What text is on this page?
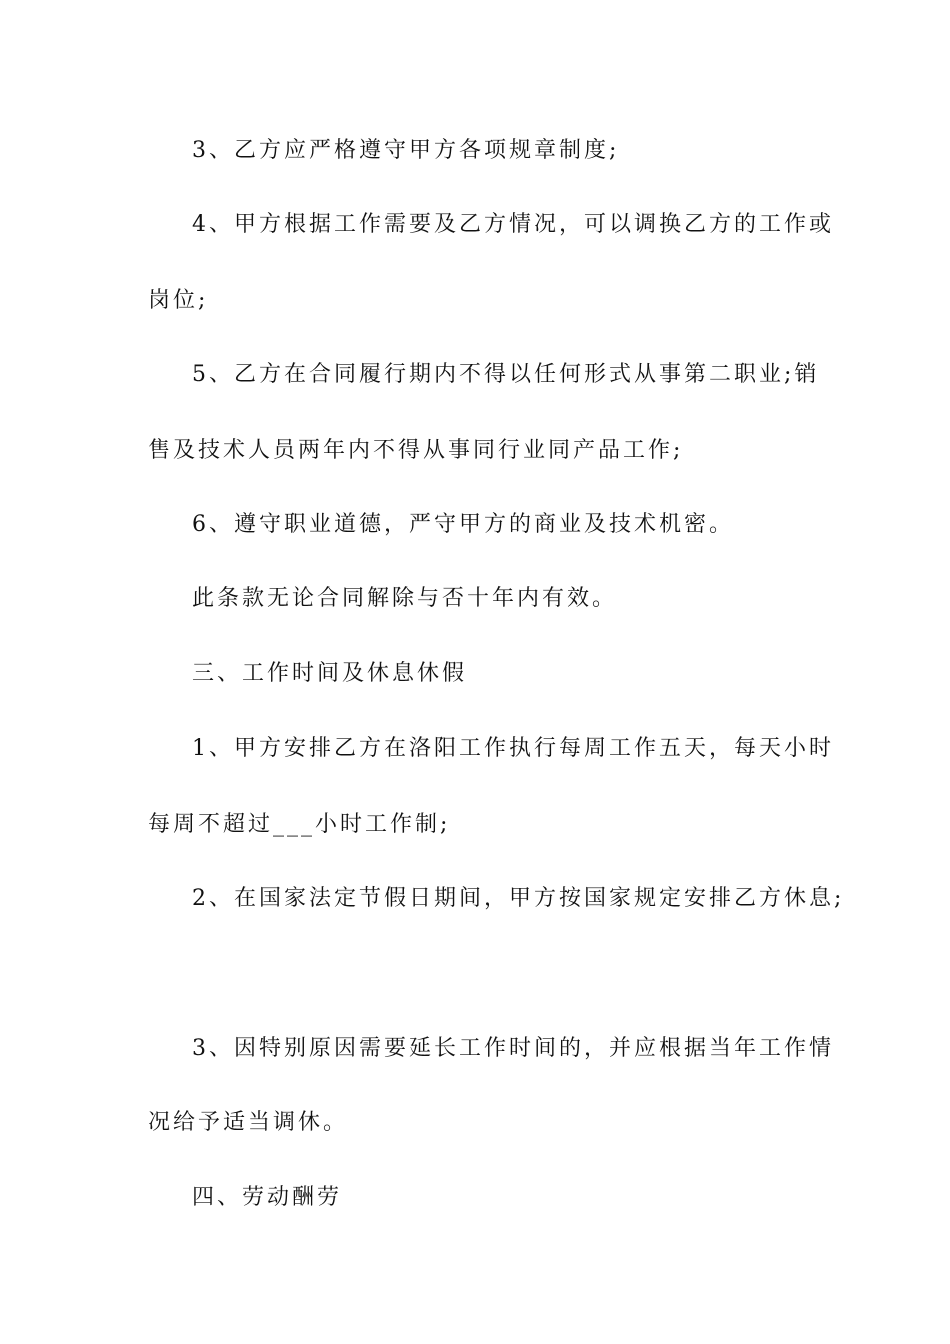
3、乙方应严格遵守甲方各项规章制度;
4、甲方根据工作需要及乙方情况，可以调换乙方的工作或
岗位;
5、乙方在合同履行期内不得以任何形式从事第二职业;销
售及技术人员两年内不得从事同行业同产品工作;
6、遵守职业道德，严守甲方的商业及技术机密。
此条款无论合同解除与否十年内有效。
三、工作时间及休息休假
1、甲方安排乙方在洛阳工作执行每周工作五天，每天小时
每周不超过___小时工作制;
2、在国家法定节假日期间，甲方按国家规定安排乙方休息;
3、因特别原因需要延长工作时间的，并应根据当年工作情
况给予适当调休。
四、劳动酬劳
